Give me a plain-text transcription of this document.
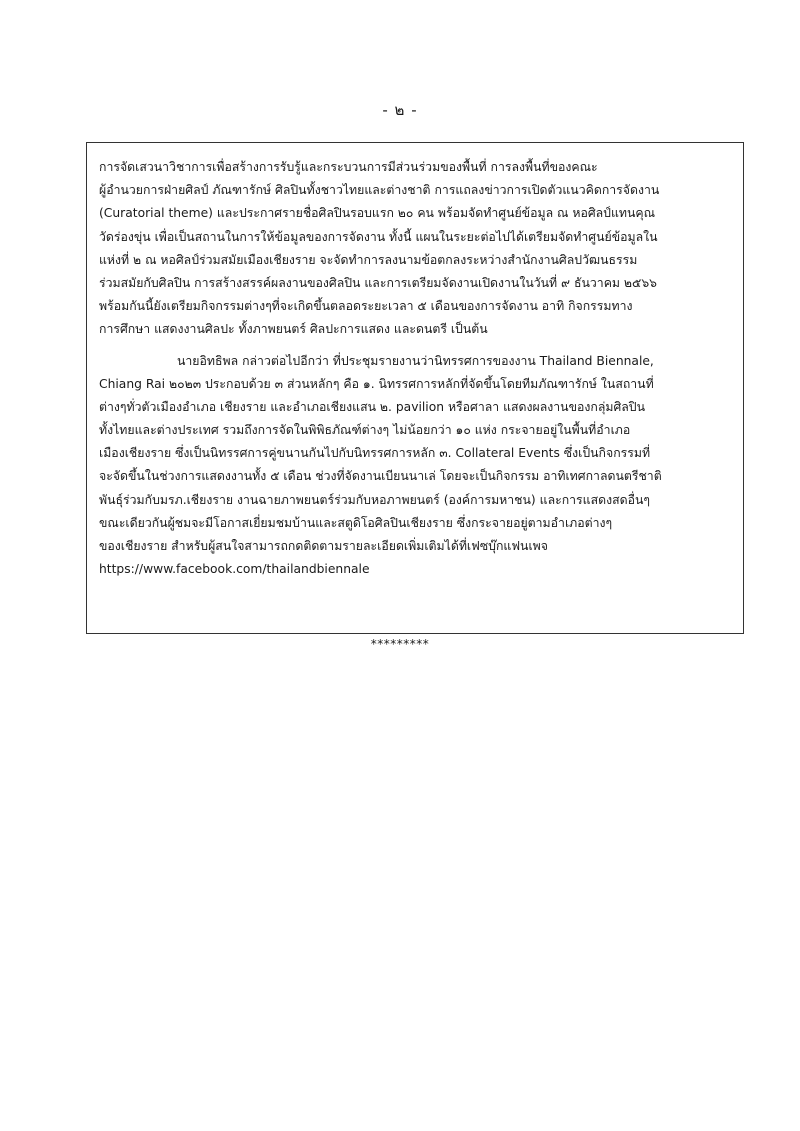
- ๒ -
การจัดเสวนาวิชาการเพื่อสร้างการรับรู้และกระบวนการมีส่วนร่วมของพื้นที่ การลงพื้นที่ของคณะ
ผู้อำนวยการฝ่ายศิลป์ ภัณฑารักษ์ ศิลปินทั้งชาวไทยและต่างชาติ การแถลงข่าวการเปิดตัวแนวคิดการจัดงาน
(Curatorial theme) และประกาศรายชื่อศิลปินรอบแรก ๒๐ คน พร้อมจัดทำศูนย์ข้อมูล ณ หอศิลป์แทนคุณ
วัดร่องขุ่น เพื่อเป็นสถานในการให้ข้อมูลของการจัดงาน ทั้งนี้ แผนในระยะต่อไปได้เตรียมจัดทำศูนย์ข้อมูลใน
แห่งที่ ๒ ณ หอศิลป์ร่วมสมัยเมืองเชียงราย จะจัดทำการลงนามข้อตกลงระหว่างสำนักงานศิลปวัฒนธรรม
ร่วมสมัยกับศิลปิน การสร้างสรรค์ผลงานของศิลปิน และการเตรียมจัดงานเปิดงานในวันที่ ๙ ธันวาคม ๒๕๖๖
พร้อมกันนี้ยังเตรียมกิจกรรมต่างๆที่จะเกิดขึ้นตลอดระยะเวลา ๕ เดือนของการจัดงาน อาทิ กิจกรรมทาง
การศึกษา แสดงงานศิลปะ ทั้งภาพยนตร์ ศิลปะการแสดง และดนตรี เป็นต้น
นายอิทธิพล กล่าวต่อไปอีกว่า ที่ประชุมรายงานว่านิทรรศการของงาน Thailand Biennale,
Chiang Rai ๒๐๒๓ ประกอบด้วย ๓ ส่วนหลักๆ คือ ๑. นิทรรศการหลักที่จัดขึ้นโดยทีมภัณฑารักษ์ ในสถานที่
ต่างๆทั่วตัวเมืองอำเภอ เชียงราย และอำเภอเชียงแสน ๒. pavilion หรือศาลา แสดงผลงานของกลุ่มศิลปิน
ทั้งไทยและต่างประเทศ รวมถึงการจัดในพิพิธภัณฑ์ต่างๆ ไม่น้อยกว่า ๑๐ แห่ง กระจายอยู่ในพื้นที่อำเภอ
เมืองเชียงราย ซึ่งเป็นนิทรรศการคู่ขนานกันไปกับนิทรรศการหลัก ๓. Collateral Events ซึ่งเป็นกิจกรรมที่
จะจัดขึ้นในช่วงการแสดงงานทั้ง ๕ เดือน ช่วงที่จัดงานเบียนนาเล่ โดยจะเป็นกิจกรรม อาทิเทศกาลดนตรีชาติ
พันธุ์ร่วมกับมรภ.เชียงราย งานฉายภาพยนตร์ร่วมกับหอภาพยนตร์ (องค์การมหาชน) และการแสดงสดอื่นๆ
ขณะเดียวกันผู้ชมจะมีโอกาสเยี่ยมชมบ้านและสตูดิโอศิลปินเชียงราย ซึ่งกระจายอยู่ตามอำเภอต่างๆ
ของเชียงราย สำหรับผู้สนใจสามารถกดติดตามรายละเอียดเพิ่มเติมได้ที่เฟซบุ๊กแฟนเพจ
https://www.facebook.com/thailandbiennale
*********
